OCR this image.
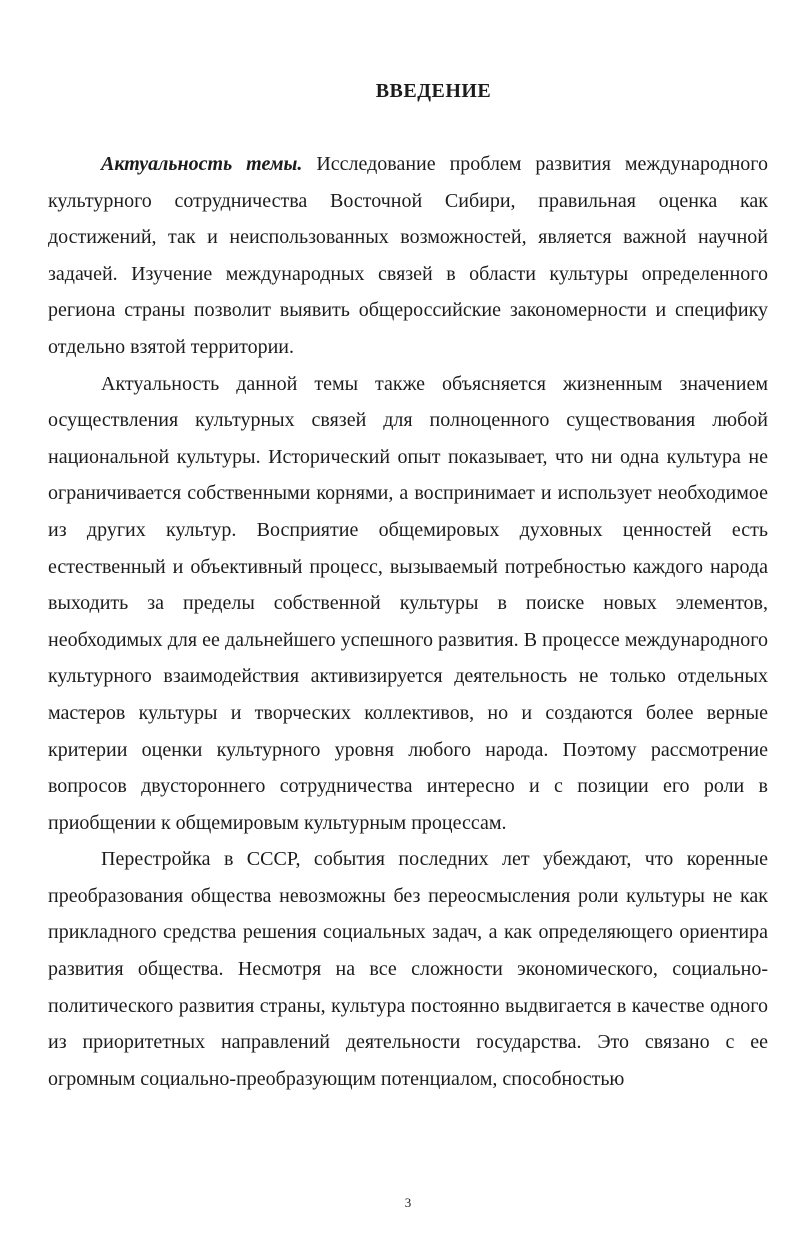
ВВЕДЕНИЕ

Актуальность темы. Исследование проблем развития международного культурного сотрудничества Восточной Сибири, правильная оценка как достижений, так и неиспользованных возможностей, является важной научной задачей. Изучение международных связей в области культуры определенного региона страны позволит выявить общероссийские закономерности и специфику отдельно взятой территории.

Актуальность данной темы также объясняется жизненным значением осуществления культурных связей для полноценного существования любой национальной культуры. Исторический опыт показывает, что ни одна культура не ограничивается собственными корнями, а воспринимает и использует необходимое из других культур. Восприятие общемировых духовных ценностей есть естественный и объективный процесс, вызываемый потребностью каждого народа выходить за пределы собственной культуры в поиске новых элементов, необходимых для ее дальнейшего успешного развития. В процессе международного культурного взаимодействия активизируется деятельность не только отдельных мастеров культуры и творческих коллективов, но и создаются более верные критерии оценки культурного уровня любого народа. Поэтому рассмотрение вопросов двустороннего сотрудничества интересно и с позиции его роли в приобщении к общемировым культурным процессам.

Перестройка в СССР, события последних лет убеждают, что коренные преобразования общества невозможны без переосмысления роли культуры не как прикладного средства решения социальных задач, а как определяющего ориентира развития общества. Несмотря на все сложности экономического, социально-политического развития страны, культура постоянно выдвигается в качестве одного из приоритетных направлений деятельности государства. Это связано с ее огромным социально-преобразующим потенциалом, способностью

3
